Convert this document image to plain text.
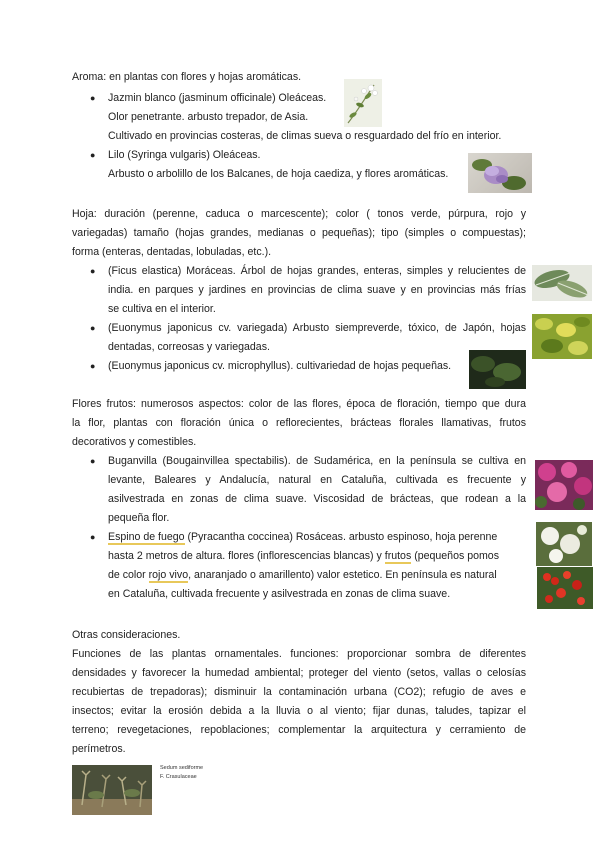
Aroma: en plantas con flores y hojas aromáticas.
● Jazmin blanco (jasminum officinale) Oleáceas.
Olor penetrante. arbusto trepador, de Asia.
Cultivado en provincias costeras, de climas sueva o resguardado del frío en interior.
● Lilo (Syringa vulgaris) Oleáceas.
Arbusto o arbolillo de los Balcanes, de hoja caediza, y flores aromáticas.
Hoja: duración (perenne, caduca o marcescente); color ( tonos verde, púrpura, rojo y
variegadas) tamaño (hojas grandes, medianas o pequeñas); tipo (simples o compuestas);
forma (enteras, dentadas, lobuladas, etc.).
● (Ficus elastica) Moráceas. Árbol de hojas grandes, enteras, simples y relucientes de
india. en parques y jardines en provincias de clima suave y en provincias más frías
se cultiva en el interior.
● (Euonymus japonicus cv. variegada) Arbusto siempreverde, tóxico, de Japón, hojas
dentadas, correosas y variegadas.
● (Euonymus japonicus cv. microphyllus). cultivariedad de hojas pequeñas.
Flores frutos: numerosos aspectos: color de las flores, época de floración, tiempo que dura
la flor, plantas con floración única o reflorecientes, brácteas florales llamativas, frutos
decorativos y comestibles.
● Buganvilla (Bougainvillea spectabilis). de Sudamérica, en la península se cultiva en
levante, Baleares y Andalucía, natural en Cataluña, cultivada es frecuente y
asilvestrada en zonas de clima suave. Viscosidad de brácteas, que rodean a la
pequeña flor.
● Espino de fuego (Pyracantha coccinea) Rosáceas. arbusto espinoso, hoja perenne
hasta 2 metros de altura. flores (inflorescencias blancas) y frutos (pequeños pomos
de color rojo vivo, anaranjado o amarillento) valor estetico. En península es natural
en Cataluña, cultivada frecuente y asilvestrada en zonas de clima suave.
Otras consideraciones.
Funciones de las plantas ornamentales. funciones: proporcionar sombra de diferentes
densidades y favorecer la humedad ambiental; proteger del viento (setos, vallas o celosías
recubiertas de trepadoras); disminuir la contaminación urbana (CO2); refugio de aves e
insectos; evitar la erosión debida a la lluvia o al viento; fijar dunas, taludes, tapizar el
terreno; revegetaciones, repoblaciones; complementar la arquitectura y cerramiento de
perímetros.
Sedum sediforme
F. Crasulaceae
